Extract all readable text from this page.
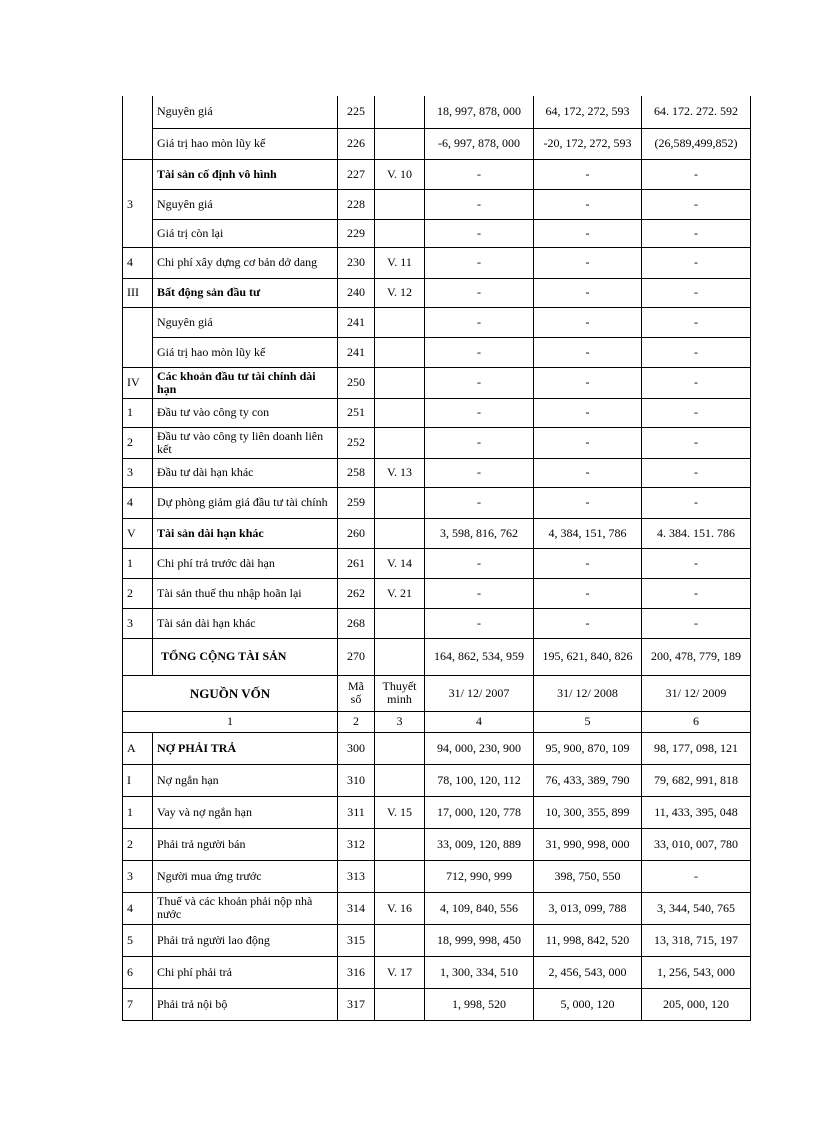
	Nguyên giá	225		18, 997, 878, 000	64, 172, 272, 593	64. 172. 272. 592
	Giá trị hao mòn lũy kế	226		-6, 997, 878, 000	-20, 172, 272, 593	(26,589,499,852)
	Tài sản cố định vô hình	227	V. 10	-	-	-
3	Nguyên giá	228		-	-	-
	Giá trị còn lại	229		-	-	-
4	Chi phí xây dựng cơ bản dở dang	230	V. 11	-	-	-
III	Bất động sản đầu tư	240	V. 12	-	-	-
	Nguyên giá	241		-	-	-
	Giá trị hao mòn lũy kế	241		-	-	-
IV	Các khoản đầu tư tài chính dài hạn	250		-	-	-
1	Đầu tư vào công ty con	251		-	-	-
2	Đầu tư vào công ty liên doanh liên kết	252		-	-	-
3	Đầu tư dài hạn khác	258	V. 13	-	-	-
4	Dự phòng giảm giá đầu tư tài chính	259		-	-	-
V	Tài sản dài hạn khác	260		3, 598, 816, 762	4, 384, 151, 786	4. 384. 151. 786
1	Chi phí trả trước dài hạn	261	V. 14	-	-	-
2	Tài sản thuế thu nhập hoãn lại	262	V. 21	-	-	-
3	Tài sản dài hạn khác	268		-	-	-
	TỔNG CỘNG TÀI SẢN	270		164, 862, 534, 959	195, 621, 840, 826	200, 478, 779, 189
NGUỒN VỐN		Mã số	Thuyết minh	31/ 12/ 2007	31/ 12/ 2008	31/ 12/ 2009
1		2	3	4	5	6
A	NỢ PHẢI TRẢ	300		94, 000, 230, 900	95, 900, 870, 109	98, 177, 098, 121
I	Nợ ngắn hạn	310		78, 100, 120, 112	76, 433, 389, 790	79, 682, 991, 818
1	Vay và nợ ngắn hạn	311	V. 15	17, 000, 120, 778	10, 300, 355, 899	11, 433, 395, 048
2	Phải trả người bán	312		33, 009, 120, 889	31, 990, 998, 000	33, 010, 007, 780
3	Người mua ứng trước	313		712, 990, 999	398, 750, 550	-
4	Thuế và các khoản phải nộp nhà nước	314	V. 16	4, 109, 840, 556	3, 013, 099, 788	3, 344, 540, 765
5	Phải trả người lao động	315		18, 999, 998, 450	11, 998, 842, 520	13, 318, 715, 197
6	Chi phí phải trả	316	V. 17	1, 300, 334, 510	2, 456, 543, 000	1, 256, 543, 000
7	Phải trả nội bộ	317		1, 998, 520	5, 000, 120	205, 000, 120
